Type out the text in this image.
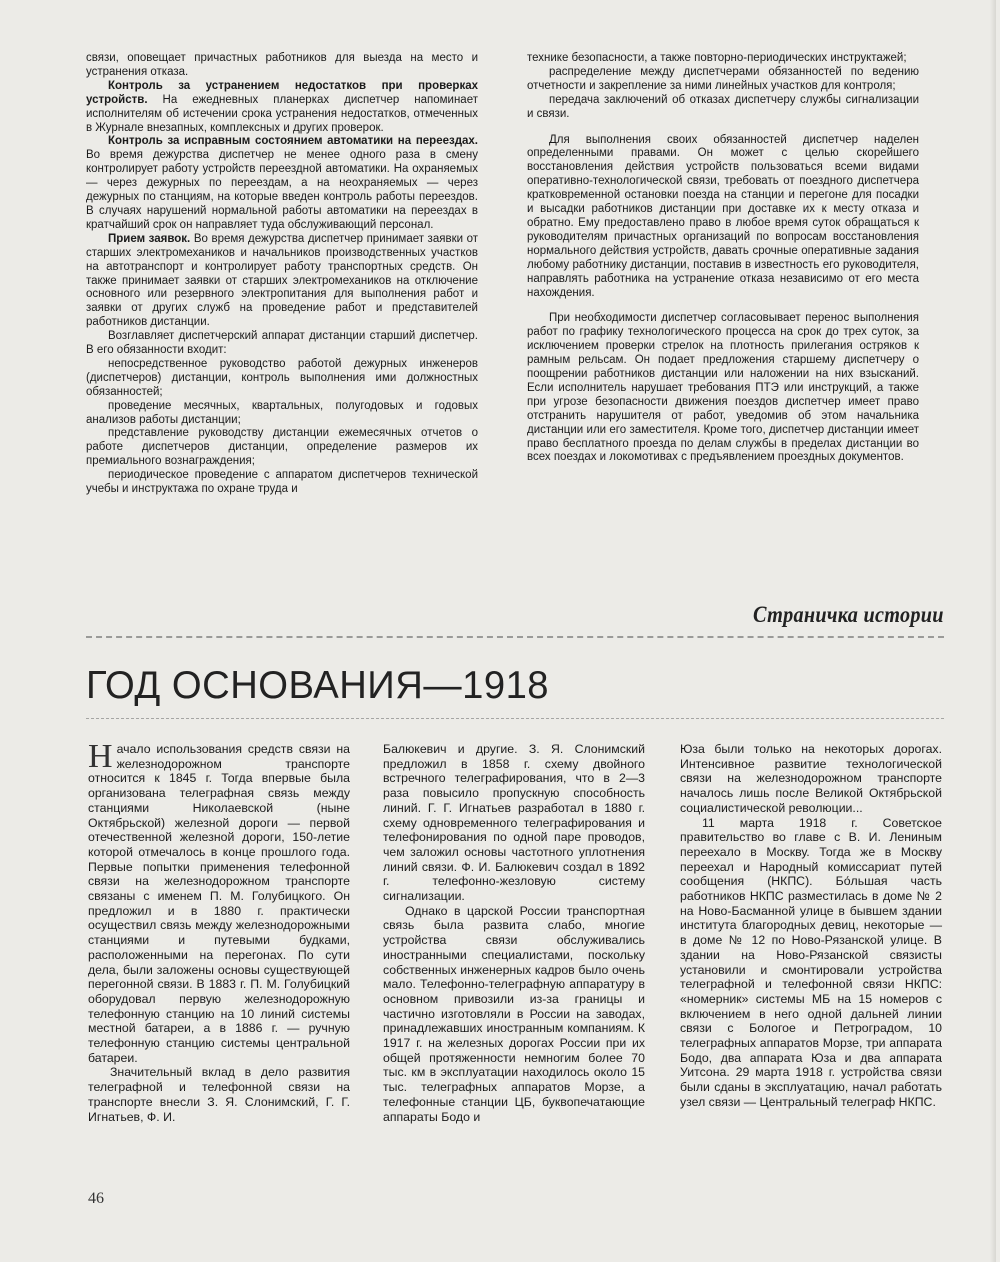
связи, оповещает причастных работников для выезда на место и устранения отказа.

Контроль за устранением недостатков при проверках устройств. На ежедневных планерках диспетчер напоминает исполнителям об истечении срока устранения недостатков, отмеченных в Журнале внезапных, комплексных и других проверок.

Контроль за исправным состоянием автоматики на переездах. Во время дежурства диспетчер не менее одного раза в смену контролирует работу устройств переездной автоматики. На охраняемых — через дежурных по переездам, а на неохраняемых — через дежурных по станциям, на которые введен контроль работы переездов. В случаях нарушений нормальной работы автоматики на переездах в кратчайший срок он направляет туда обслуживающий персонал.

Прием заявок. Во время дежурства диспетчер принимает заявки от старших электромехаников и начальников производственных участков на автотранспорт и контролирует работу транспортных средств. Он также принимает заявки от старших электромехаников на отключение основного или резервного электропитания для выполнения работ и заявки от других служб на проведение работ и представителей работников дистанции.

Возглавляет диспетчерский аппарат дистанции старший диспетчер. В его обязанности входит:

непосредственное руководство работой дежурных инженеров (диспетчеров) дистанции, контроль выполнения ими должностных обязанностей;

проведение месячных, квартальных, полугодовых и годовых анализов работы дистанции;

представление руководству дистанции ежемесячных отчетов о работе диспетчеров дистанции, определение размеров их премиального вознаграждения;

периодическое проведение с аппаратом диспетчеров технической учебы и инструктажа по охране труда и

технике безопасности, а также повторно-периодических инструктажей;

распределение между диспетчерами обязанностей по ведению отчетности и закрепление за ними линейных участков для контроля;

передача заключений об отказах диспетчеру службы сигнализации и связи.

Для выполнения своих обязанностей диспетчер наделен определенными правами. Он может с целью скорейшего восстановления действия устройств пользоваться всеми видами оперативно-технологической связи, требовать от поездного диспетчера кратковременной остановки поезда на станции и перегоне для посадки и высадки работников дистанции при доставке их к месту отказа и обратно. Ему предоставлено право в любое время суток обращаться к руководителям причастных организаций по вопросам восстановления нормального действия устройств, давать срочные оперативные задания любому работнику дистанции, поставив в известность его руководителя, направлять работника на устранение отказа независимо от его места нахождения.

При необходимости диспетчер согласовывает перенос выполнения работ по графику технологического процесса на срок до трех суток, за исключением проверки стрелок на плотность прилегания остряков к рамным рельсам. Он подает предложения старшему диспетчеру о поощрении работников дистанции или наложении на них взысканий. Если исполнитель нарушает требования ПТЭ или инструкций, а также при угрозе безопасности движения поездов диспетчер имеет право отстранить нарушителя от работ, уведомив об этом начальника дистанции или его заместителя. Кроме того, диспетчер дистанции имеет право бесплатного проезда по делам службы в пределах дистанции во всех поездах и локомотивах с предъявлением проездных документов.

Страничка истории
ГОД ОСНОВАНИЯ—1918

Начало использования средств связи на железнодорожном транспорте относится к 1845 г. Тогда впервые была организована телеграфная связь между станциями Николаевской (ныне Октябрьской) железной дороги — первой отечественной железной дороги, 150-летие которой отмечалось в конце прошлого года. Первые попытки применения телефонной связи на железнодорожном транспорте связаны с именем П. М. Голубицкого. Он предложил и в 1880 г. практически осуществил связь между железнодорожными станциями и путевыми будками, расположенными на перегонах. По сути дела, были заложены основы существующей перегонной связи. В 1883 г. П. М. Голубицкий оборудовал первую железнодорожную телефонную станцию на 10 линий системы местной батареи, а в 1886 г. — ручную телефонную станцию системы центральной батареи.

Значительный вклад в дело развития телеграфной и телефонной связи на транспорте внесли З. Я. Слонимский, Г. Г. Игнатьев, Ф. И.

Балюкевич и другие. З. Я. Слонимский предложил в 1858 г. схему двойного встречного телеграфирования, что в 2—3 раза повысило пропускную способность линий. Г. Г. Игнатьев разработал в 1880 г. схему одновременного телеграфирования и телефонирования по одной паре проводов, чем заложил основы частотного уплотнения линий связи. Ф. И. Балюкевич создал в 1892 г. телефонно-жезловую систему сигнализации.

Однако в царской России транспортная связь была развита слабо, многие устройства связи обслуживались иностранными специалистами, поскольку собственных инженерных кадров было очень мало. Телефонно-телеграфную аппаратуру в основном привозили из-за границы и частично изготовляли в России на заводах, принадлежавших иностранным компаниям. К 1917 г. на железных дорогах России при их общей протяженности немногим более 70 тыс. км в эксплуатации находилось около 15 тыс. телеграфных аппаратов Морзе, а телефонные станции ЦБ, буквопечатающие аппараты Бодо и

Юза были только на некоторых дорогах. Интенсивное развитие технологической связи на железнодорожном транспорте началось лишь после Великой Октябрьской социалистической революции...

11 марта 1918 г. Советское правительство во главе с В. И. Лениным переехало в Москву. Тогда же в Москву переехал и Народный комиссариат путей сообщения (НКПС). Бо́льшая часть работников НКПС разместилась в доме № 2 на Ново-Басманной улице в бывшем здании института благородных девиц, некоторые — в доме № 12 по Ново-Рязанской улице. В здании на Ново-Рязанской связисты установили и смонтировали устройства телеграфной и телефонной связи НКПС: «номерник» системы МБ на 15 номеров с включением в него одной дальней линии связи с Бологое и Петроградом, 10 телеграфных аппаратов Морзе, три аппарата Бодо, два аппарата Юза и два аппарата Уитсона. 29 марта 1918 г. устройства связи были сданы в эксплуатацию, начал работать узел связи — Центральный телеграф НКПС.

46
